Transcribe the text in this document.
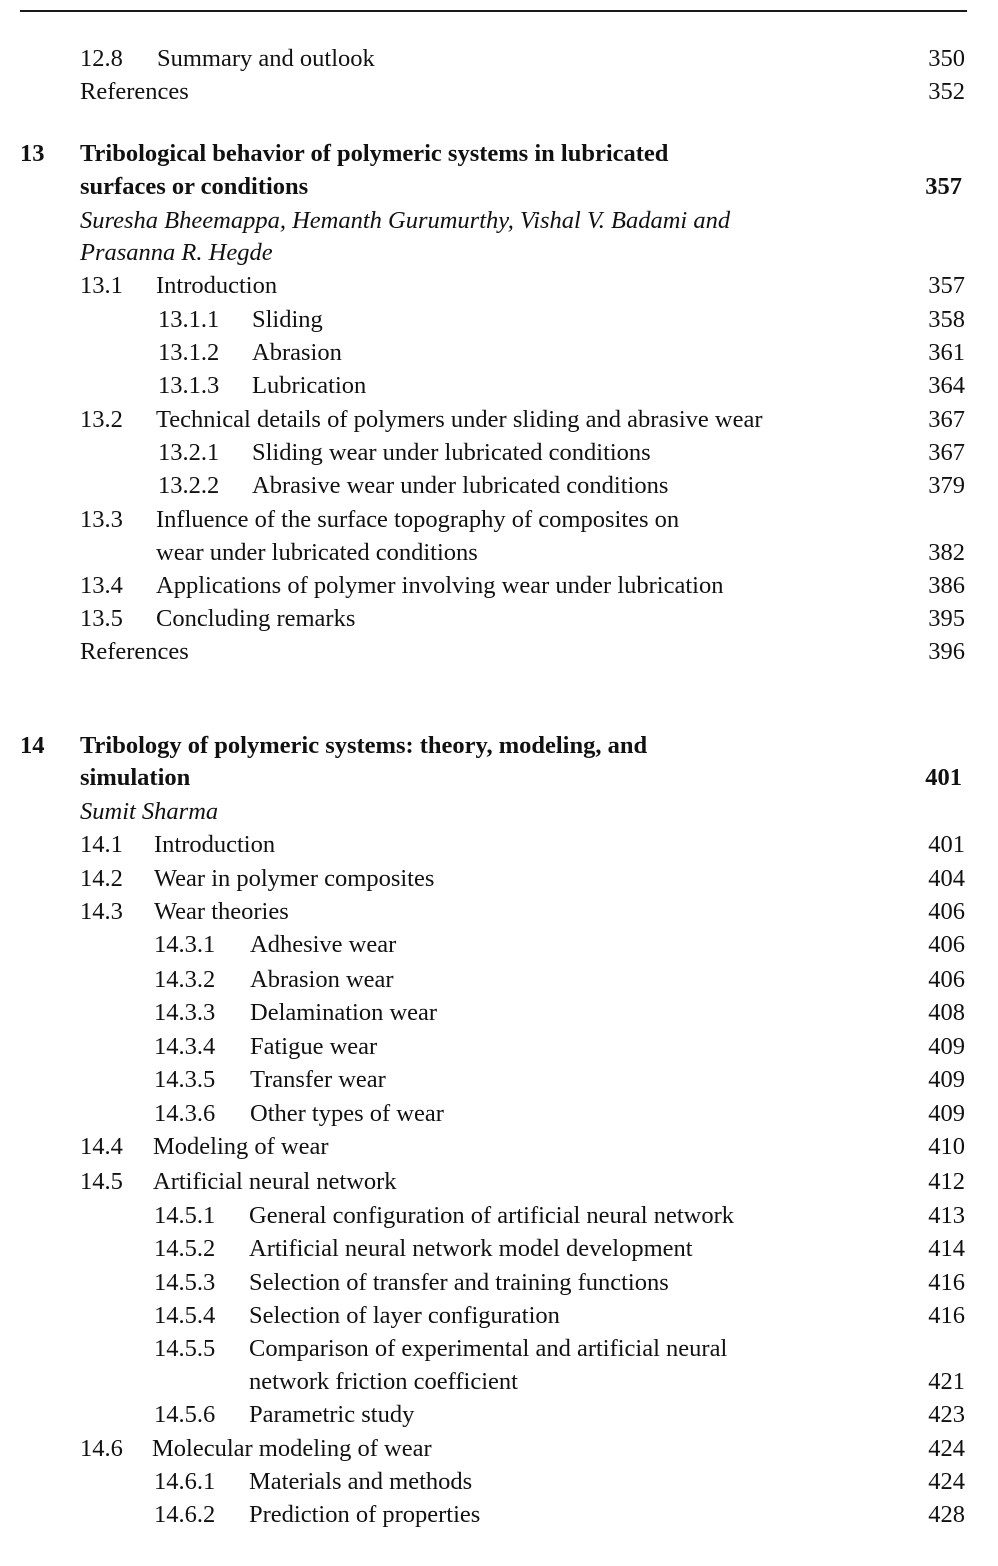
12.8 Summary and outlook	350
References	352
13 Tribological behavior of polymeric systems in lubricated
surfaces or conditions	357
Suresha Bheemappa, Hemanth Gurumurthy, Vishal V. Badami and
Prasanna R. Hegde
13.1 Introduction	357
13.1.1 Sliding	358
13.1.2 Abrasion	361
13.1.3 Lubrication	364
13.2 Technical details of polymers under sliding and abrasive wear	367
13.2.1 Sliding wear under lubricated conditions	367
13.2.2 Abrasive wear under lubricated conditions	379
13.3 Influence of the surface topography of composites on
wear under lubricated conditions	382
13.4 Applications of polymer involving wear under lubrication	386
13.5 Concluding remarks	395
References	396
14 Tribology of polymeric systems: theory, modeling, and
simulation	401
Sumit Sharma
14.1 Introduction	401
14.2 Wear in polymer composites	404
14.3 Wear theories	406
14.3.1 Adhesive wear	406
14.3.2 Abrasion wear	406
14.3.3 Delamination wear	408
14.3.4 Fatigue wear	409
14.3.5 Transfer wear	409
14.3.6 Other types of wear	409
14.4 Modeling of wear	410
14.5 Artificial neural network	412
14.5.1 General configuration of artificial neural network	413
14.5.2 Artificial neural network model development	414
14.5.3 Selection of transfer and training functions	416
14.5.4 Selection of layer configuration	416
14.5.5 Comparison of experimental and artificial neural
network friction coefficient	421
14.5.6 Parametric study	423
14.6 Molecular modeling of wear	424
14.6.1 Materials and methods	424
14.6.2 Prediction of properties	428
